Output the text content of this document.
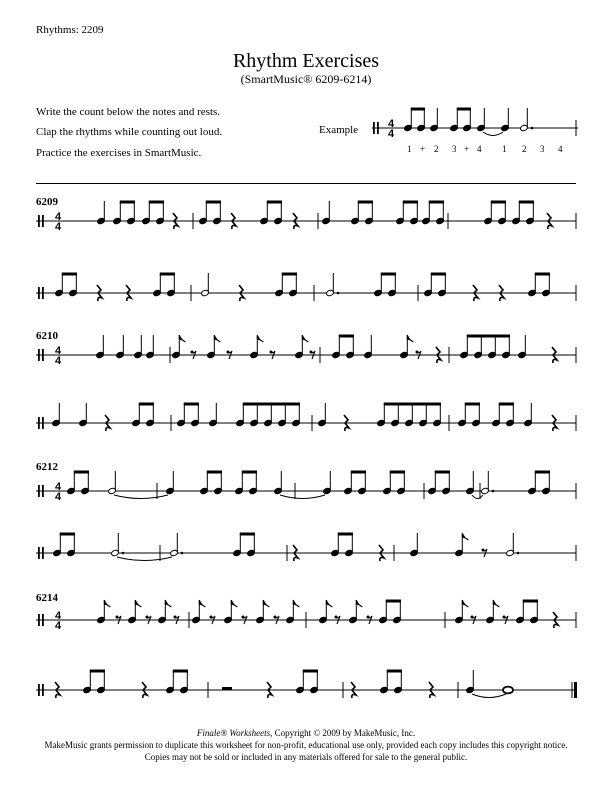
Rhythms: 2209
Rhythm Exercises
(SmartMusic® 6209-6214)
Write the count below the notes and rests.
Clap the rhythms while counting out loud.
Practice the exercises in SmartMusic.
Example
1 + 2 3 + 4 1 2 3 4
6209
6210
6212
6214
4
4
4
4
4
4
4
4
4
4
Finale® Worksheets, Copyright © 2009 by MakeMusic, Inc.
MakeMusic grants permission to duplicate this worksheet for non-profit, educational use only, provided each copy includes this copyright notice.
Copies may not be sold or included in any materials offered for sale to the general public.
